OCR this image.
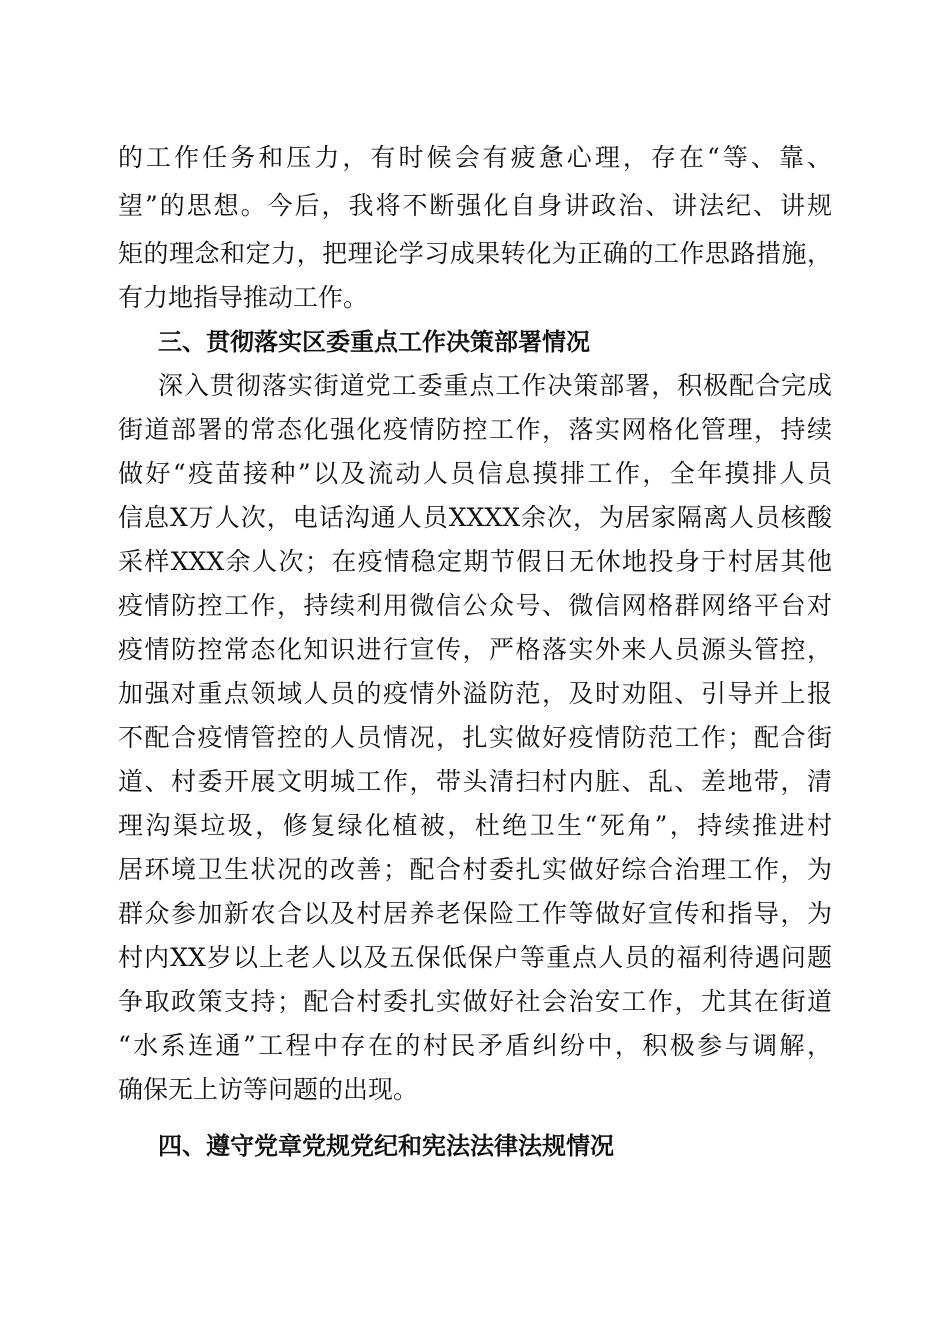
的工作任务和压力，有时候会有疲惫心理，存在“等、靠、
望”的思想。今后，我将不断强化自身讲政治、讲法纪、讲规
矩的理念和定力，把理论学习成果转化为正确的工作思路措施，
有力地指导推动工作。
三、贯彻落实区委重点工作决策部署情况
深入贯彻落实街道党工委重点工作决策部署，积极配合完成
街道部署的常态化强化疫情防控工作，落实网格化管理，持续
做好“疫苗接种”以及流动人员信息摸排工作，全年摸排人员
信息X万人次，电话沟通人员XXXX余次，为居家隔离人员核酸
采样XXX余人次；在疫情稳定期节假日无休地投身于村居其他
疫情防控工作，持续利用微信公众号、微信网格群网络平台对
疫情防控常态化知识进行宣传，严格落实外来人员源头管控，
加强对重点领域人员的疫情外溢防范，及时劝阻、引导并上报
不配合疫情管控的人员情况，扎实做好疫情防范工作；配合街
道、村委开展文明城工作，带头清扫村内脏、乱、差地带，清
理沟渠垃圾，修复绿化植被，杜绝卫生“死角”，持续推进村
居环境卫生状况的改善；配合村委扎实做好综合治理工作，为
群众参加新农合以及村居养老保险工作等做好宣传和指导，为
村内XX岁以上老人以及五保低保户等重点人员的福利待遇问题
争取政策支持；配合村委扎实做好社会治安工作，尤其在街道
“水系连通”工程中存在的村民矛盾纠纷中，积极参与调解，
确保无上访等问题的出现。
四、遵守党章党规党纪和宪法法律法规情况
